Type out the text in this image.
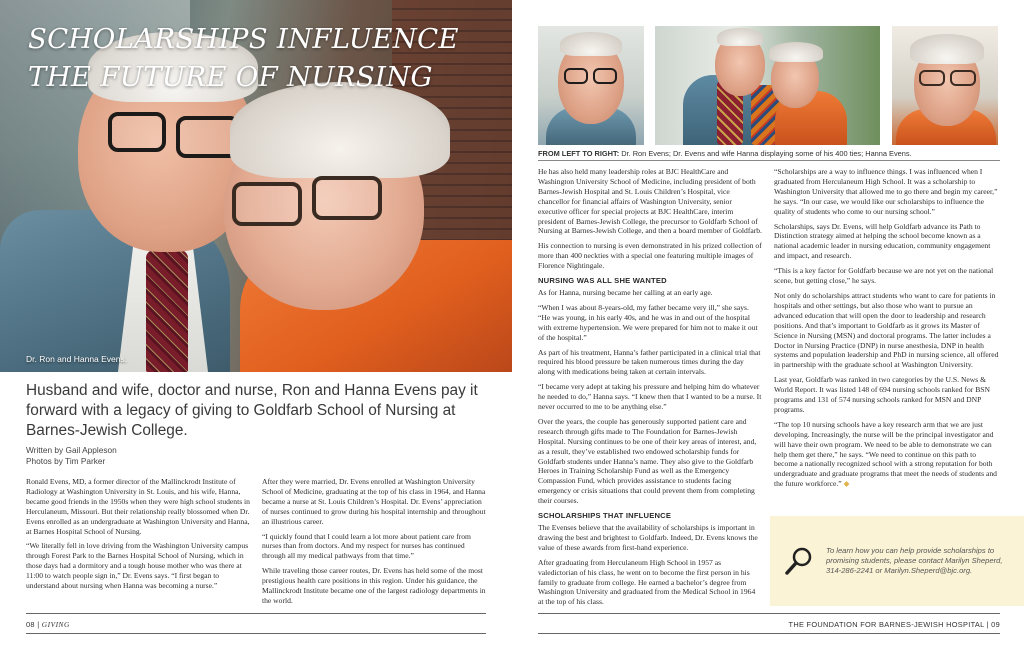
SCHOLARSHIPS INFLUENCE
THE FUTURE OF NURSING
Dr. Ron and Hanna Evens.
Husband and wife, doctor and nurse, Ron and Hanna Evens pay it forward with a legacy of giving to Goldfarb School of Nursing at Barnes-Jewish College.
Written by Gail Appleson
Photos by Tim Parker

Ronald Evens, MD, a former director of the Mallinckrodt Institute of Radiology at Washington University in St. Louis, and his wife, Hanna, became good friends in the 1950s when they were high school students in Herculaneum, Missouri. But their relationship really blossomed when Dr. Evens enrolled as an undergraduate at Washington University and Hanna, at Barnes Hospital School of Nursing.

“We literally fell in love driving from the Washington University campus through Forest Park to the Barnes Hospital School of Nursing, which in those days had a dormitory and a tough house mother who was there at 11:00 to watch people sign in,” Dr. Evens says. “I first began to understand about nursing when Hanna was becoming a nurse.”

After they were married, Dr. Evens enrolled at Washington University School of Medicine, graduating at the top of his class in 1964, and Hanna became a nurse at St. Louis Children’s Hospital. Dr. Evens’ appreciation of nurses continued to grow during his hospital internship and throughout an illustrious career.

“I quickly found that I could learn a lot more about patient care from nurses than from doctors. And my respect for nurses has continued through all my medical pathways from that time.”

While traveling those career routes, Dr. Evens has held some of the most prestigious health care positions in this region. Under his guidance, the Mallinckrodt Institute became one of the largest radiology departments in the world.

08 | GIVING
FROM LEFT TO RIGHT: Dr. Ron Evens; Dr. Evens and wife Hanna displaying some of his 400 ties; Hanna Evens.

He has also held many leadership roles at BJC HealthCare and Washington University School of Medicine, including president of both Barnes-Jewish Hospital and St. Louis Children’s Hospital, vice chancellor for financial affairs of Washington University, senior executive officer for special projects at BJC HealthCare, interim president of Barnes-Jewish College, the precursor to Goldfarb School of Nursing at Barnes-Jewish College, and then a board member of Goldfarb.

His connection to nursing is even demonstrated in his prized collection of more than 400 neckties with a special one featuring multiple images of Florence Nightingale.

NURSING WAS ALL SHE WANTED

As for Hanna, nursing became her calling at an early age.

“When I was about 8-years-old, my father became very ill,” she says. “He was young, in his early 40s, and he was in and out of the hospital with extreme hypertension. We were prepared for him not to make it out of the hospital.”

As part of his treatment, Hanna’s father participated in a clinical trial that required his blood pressure be taken numerous times during the day along with medications being taken at certain intervals.

“I became very adept at taking his pressure and helping him do whatever he needed to do,” Hanna says. “I knew then that I wanted to be a nurse. It never occurred to me to be anything else.”

Over the years, the couple has generously supported patient care and research through gifts made to The Foundation for Barnes-Jewish Hospital. Nursing continues to be one of their key areas of interest, and, as a result, they’ve established two endowed scholarship funds for Goldfarb students under Hanna’s name. They also give to the Goldfarb Heroes in Training Scholarship Fund as well as the Emergency Compassion Fund, which provides assistance to students facing emergency or crisis situations that could prevent them from completing their courses.

SCHOLARSHIPS THAT INFLUENCE

The Evenses believe that the availability of scholarships is important in drawing the best and brightest to Goldfarb. Indeed, Dr. Evens knows the value of these awards from first-hand experience.

After graduating from Herculaneum High School in 1957 as valedictorian of his class, he went on to become the first person in his family to graduate from college. He earned a bachelor’s degree from Washington University and graduated from the Medical School in 1964 at the top of his class.

“Scholarships are a way to influence things. I was influenced when I graduated from Herculaneum High School. It was a scholarship to Washington University that allowed me to go there and begin my career,” he says. “In our case, we would like our scholarships to influence the quality of students who come to our nursing school.”

Scholarships, says Dr. Evens, will help Goldfarb advance its Path to Distinction strategy aimed at helping the school become known as a national academic leader in nursing education, community engagement and impact, and research.

“This is a key factor for Goldfarb because we are not yet on the national scene, but getting close,” he says.

Not only do scholarships attract students who want to care for patients in hospitals and other settings, but also those who want to pursue an advanced education that will open the door to leadership and research positions. And that’s important to Goldfarb as it grows its Master of Science in Nursing (MSN) and doctoral programs. The latter includes a Doctor in Nursing Practice (DNP) in nurse anesthesia, DNP in health systems and population leadership and PhD in nursing science, all offered in partnership with the graduate school at Washington University.

Last year, Goldfarb was ranked in two categories by the U.S. News & World Report. It was listed 148 of 694 nursing schools ranked for BSN programs and 131 of 574 nursing schools ranked for MSN and DNP programs.

“The top 10 nursing schools have a key research arm that we are just developing. Increasingly, the nurse will be the principal investigator and will have their own program. We need to be able to demonstrate we can help them get there,” he says. “We need to continue on this path to become a nationally recognized school with a strong reputation for both undergraduate and graduate programs that meet the needs of students and the future workforce.” ◆

To learn how you can help provide scholarships to promising students, please contact Marilyn Sheperd, 314-286-2241 or Marilyn.Sheperd@bjc.org.

THE FOUNDATION FOR BARNES-JEWISH HOSPITAL | 09
